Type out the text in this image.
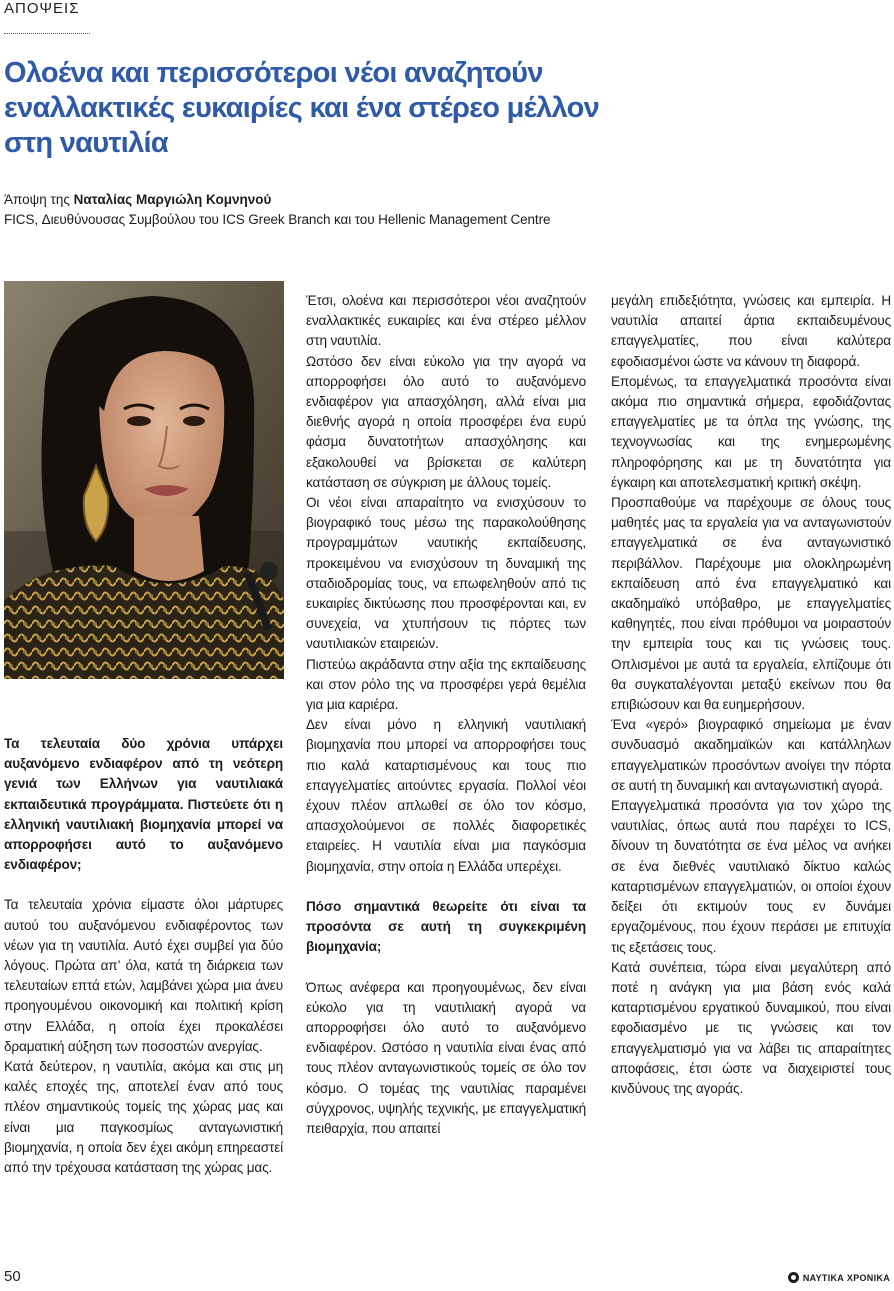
ΑΠΟΨΕΙΣ
Ολοένα και περισσότεροι νέοι αναζητούν εναλλακτικές ευκαιρίες και ένα στέρεο μέλλον στη ναυτιλία
Άποψη της Ναταλίας Μαργιώλη Κομνηνού
FICS, Διευθύνουσας Συμβούλου του ICS Greek Branch και του Hellenic Management Centre

Τα τελευταία δύο χρόνια υπάρχει αυξανόμενο ενδιαφέρον από τη νεότερη γενιά των Ελλήνων για ναυτιλιακά εκπαιδευτικά προγράμματα. Πιστεύετε ότι η ελληνική ναυτιλιακή βιομηχανία μπορεί να απορροφήσει αυτό το αυξανόμενο ενδιαφέρον;

Τα τελευταία χρόνια είμαστε όλοι μάρτυρες αυτού του αυξανόμενου ενδιαφέροντος των νέων για τη ναυτιλία. Αυτό έχει συμβεί για δύο λόγους. Πρώτα απ’ όλα, κατά τη διάρκεια των τελευταίων επτά ετών, λαμβάνει χώρα μια άνευ προηγουμένου οικονομική και πολιτική κρίση στην Ελλάδα, η οποία έχει προκαλέσει δραματική αύξηση των ποσοστών ανεργίας.

Κατά δεύτερον, η ναυτιλία, ακόμα και στις μη καλές εποχές της, αποτελεί έναν από τους πλέον σημαντικούς τομείς της χώρας μας και είναι μια παγκοσμίως ανταγωνιστική βιομηχανία, η οποία δεν έχει ακόμη επηρεαστεί από την τρέχουσα κατάσταση της χώρας μας.

Έτσι, ολοένα και περισσότεροι νέοι αναζητούν εναλλακτικές ευκαιρίες και ένα στέρεο μέλλον στη ναυτιλία.

Ωστόσο δεν είναι εύκολο για την αγορά να απορροφήσει όλο αυτό το αυξανόμενο ενδιαφέρον για απασχόληση, αλλά είναι μια διεθνής αγορά η οποία προσφέρει ένα ευρύ φάσμα δυνατοτήτων απασχόλησης και εξακολουθεί να βρίσκεται σε καλύτερη κατάσταση σε σύγκριση με άλλους τομείς.

Οι νέοι είναι απαραίτητο να ενισχύσουν το βιογραφικό τους μέσω της παρακολούθησης προγραμμάτων ναυτικής εκπαίδευσης, προκειμένου να ενισχύσουν τη δυναμική της σταδιοδρομίας τους, να επωφεληθούν από τις ευκαιρίες δικτύωσης που προσφέρονται και, εν συνεχεία, να χτυπήσουν τις πόρτες των ναυτιλιακών εταιρειών.

Πιστεύω ακράδαντα στην αξία της εκπαίδευσης και στον ρόλο της να προσφέρει γερά θεμέλια για μια καριέρα.

Δεν είναι μόνο η ελληνική ναυτιλιακή βιομηχανία που μπορεί να απορροφήσει τους πιο καλά καταρτισμένους και τους πιο επαγγελματίες αιτούντες εργασία. Πολλοί νέοι έχουν πλέον απλωθεί σε όλο τον κόσμο, απασχολούμενοι σε πολλές διαφορετικές εταιρείες. Η ναυτιλία είναι μια παγκόσμια βιομηχανία, στην οποία η Ελλάδα υπερέχει.

Πόσο σημαντικά θεωρείτε ότι είναι τα προσόντα σε αυτή τη συγκεκριμένη βιομηχανία;

Όπως ανέφερα και προηγουμένως, δεν είναι εύκολο για τη ναυτιλιακή αγορά να απορροφήσει όλο αυτό το αυξανόμενο ενδιαφέρον. Ωστόσο η ναυτιλία είναι ένας από τους πλέον ανταγωνιστικούς τομείς σε όλο τον κόσμο. Ο τομέας της ναυτιλίας παραμένει σύγχρονος, υψηλής τεχνικής, με επαγγελματική πειθαρχία, που απαιτεί

μεγάλη επιδεξιότητα, γνώσεις και εμπειρία. Η ναυτιλία απαιτεί άρτια εκπαιδευμένους επαγγελματίες, που είναι καλύτερα εφοδιασμένοι ώστε να κάνουν τη διαφορά.

Επομένως, τα επαγγελματικά προσόντα είναι ακόμα πιο σημαντικά σήμερα, εφοδιάζοντας επαγγελματίες με τα όπλα της γνώσης, της τεχνογνωσίας και της ενημερωμένης πληροφόρησης και με τη δυνατότητα για έγκαιρη και αποτελεσματική κριτική σκέψη.

Προσπαθούμε να παρέχουμε σε όλους τους μαθητές μας τα εργαλεία για να ανταγωνιστούν επαγγελματικά σε ένα ανταγωνιστικό περιβάλλον. Παρέχουμε μια ολοκληρωμένη εκπαίδευση από ένα επαγγελματικό και ακαδημαϊκό υπόβαθρο, με επαγγελματίες καθηγητές, που είναι πρόθυμοι να μοιραστούν την εμπειρία τους και τις γνώσεις τους. Οπλισμένοι με αυτά τα εργαλεία, ελπίζουμε ότι θα συγκαταλέγονται μεταξύ εκείνων που θα επιβιώσουν και θα ευημερήσουν.

Ένα «γερό» βιογραφικό σημείωμα με έναν συνδυασμό ακαδημαϊκών και κατάλληλων επαγγελματικών προσόντων ανοίγει την πόρτα σε αυτή τη δυναμική και ανταγωνιστική αγορά.

Επαγγελματικά προσόντα για τον χώρο της ναυτιλίας, όπως αυτά που παρέχει το ICS, δίνουν τη δυνατότητα σε ένα μέλος να ανήκει σε ένα διεθνές ναυτιλιακό δίκτυο καλώς καταρτισμένων επαγγελματιών, οι οποίοι έχουν δείξει ότι εκτιμούν τους εν δυνάμει εργαζομένους, που έχουν περάσει με επιτυχία τις εξετάσεις τους.

Κατά συνέπεια, τώρα είναι μεγαλύτερη από ποτέ η ανάγκη για μια βάση ενός καλά καταρτισμένου εργατικού δυναμικού, που είναι εφοδιασμένο με τις γνώσεις και τον επαγγελματισμό για να λάβει τις απαραίτητες αποφάσεις, έτσι ώστε να διαχειριστεί τους κινδύνους της αγοράς.

50	ΝΑΥΤΙΚΑ ΧΡΟΝΙΚΑ
